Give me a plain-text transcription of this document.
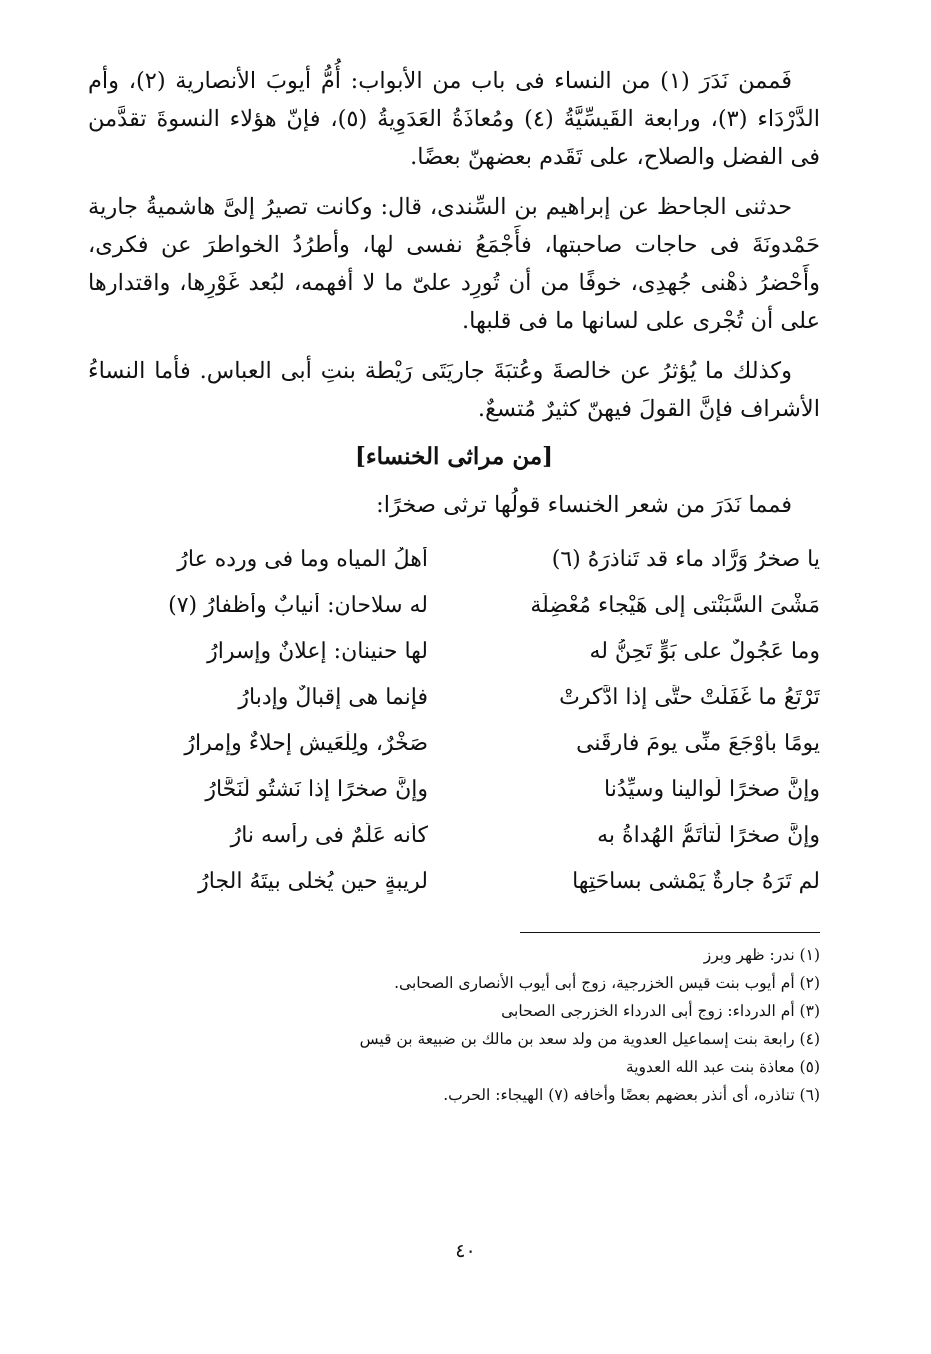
فَممن نَدَرَ (١) من النساء فى باب من الأبواب: أُمُّ أيوبَ الأنصارية (٢)، وأم الدَّرْدَاء (٣)، ورابعة القَيسِّيَّةُ (٤) ومُعاذَةُ العَدَوِيةُ (٥)، فإنّ هؤلاء النسوةَ تقدَّمن فى الفضل والصلاح، على تَقَدم بعضهنّ بعضًا.

حدثنى الجاحظ عن إبراهيم بن السِّندى، قال: وكانت تصيرُ إلىَّ هاشميةُ جارية حَمْدونَةَ فى حاجات صاحبتها، فأَجْمَعُ نفسى لها، وأطرُدُ الخواطرَ عن فكرى، وأَحْضرُ ذهْنى جُهدِى، خوفًا من أن تُورِد علىّ ما لا أفهمه، لبُعد غَوْرِها، واقتدارها على أن تُجْرى على لسانها ما فى قلبها.

وكذلك ما يُؤثرُ عن خالصةَ وعُتبَةَ جاريَتَى رَيْطة بنتِ أبى العباس. فأما النساءُ الأشراف فإنَّ القولَ فيهنّ كثيرٌ مُتسعٌ.

[من مراثى الخنساء]

فمما نَدَرَ من شعر الخنساء قولُها ترثى صخرًا:

يا صخرُ وَرَّاد ماء قد تَناذرَهُ (٦)
أهلُ المياه وما فى ورده عارُ
مَشْىَ السَّبَنْتى إلى هَيْجاء مُعْضِلَة
له سلاحان: أنيابٌ وأظفارُ (٧)
وما عَجُولٌ على بَوٍّ تَحِنُّ له
لها حنينان: إعلانٌ وإسرارُ
تَرْتَعُ ما غَفَلَتْ حتَّى إذا ادَّكرتْ
فإنما هى إقبالٌ وإدبارُ
يومًا بأوْجَعَ منِّى يومَ فارقَنى
صَخْرٌ، ولِلْعَيش إحلاءٌ وإمرارُ
وإنَّ صخرًا لَوالينا وسيِّدُنا
وإنَّ صخرًا إذا نَشتُو لَنَحَّارُ
وإنَّ صخرًا لَتأْتَمُّ الهُداةُ به
كأنه عَلَمٌ فى رأسه نارُ
لم تَرَهُ جارةٌ يَمْشى بساحَتِها
لريبةٍ حين يُخلى بيتَهُ الجارُ
(١) ندر: ظهر وبرز
(٢) أم أيوب بنت قيس الخزرجية، زوج أبى أيوب الأنصارى الصحابى.
(٣) أم الدرداء: زوج أبى الدرداء الخزرجى الصحابى
(٤) رابعة بنت إسماعيل العدوية من ولد سعد بن مالك بن ضبيعة بن قيس
(٥) معاذة بنت عبد الله العدوية
(٦) تناذره، أى أنذر بعضهم بعضًا وأخافه (٧) الهيجاء: الحرب.
٤٠
